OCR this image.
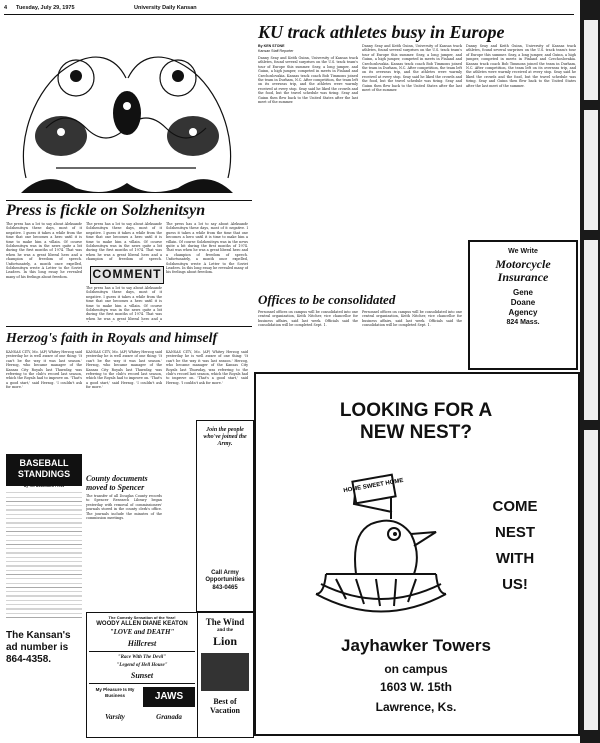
4 Tuesday, July 29, 1975	University Daily Kansan
KU track athletes busy in Europe
By KEN STONE
Kansan Staff Reporter
Danny Seay and Keith Guinn, University of Kansas track athletes, found several surprises on the U.S. track team's tour of Europe this summer. Seay, a long jumper, and Guinn, a high jumper, competed in meets in Finland and Czechoslovakia. Kansas track coach Bob Timmons joined the team in Durham, N.C. After competition, the team left on its overseas trip, and the athletes were warmly received at every stop. Seay said he liked the crowds and the food, but the travel schedule was tiring. Seay and Guinn then flew back to the United States after the last meet of the summer.
Danny Seay and Keith Guinn, University of Kansas track athletes, found several surprises on the U.S. track team's tour of Europe this summer. Seay, a long jumper, and Guinn, a high jumper, competed in meets in Finland and Czechoslovakia. Kansas track coach Bob Timmons joined the team in Durham, N.C. After competition, the team left on its overseas trip, and the athletes were warmly received at every stop. Seay said he liked the crowds and the food, but the travel schedule was tiring. Seay and Guinn then flew back to the United States after the last meet of the summer.
Danny Seay and Keith Guinn, University of Kansas track athletes, found several surprises on the U.S. track team's tour of Europe this summer. Seay, a long jumper, and Guinn, a high jumper, competed in meets in Finland and Czechoslovakia. Kansas track coach Bob Timmons joined the team in Durham, N.C. After competition, the team left on its overseas trip, and the athletes were warmly received at every stop. Seay said he liked the crowds and the food, but the travel schedule was tiring. Seay and Guinn then flew back to the United States after the last meet of the summer.
We Write
Motorcycle Insurance
Gene
Doane
Agency
824 Mass.
Offices to be consolidated
Personnel offices on campus will be consolidated into one central organization, Keith Nitcher, vice chancellor for business affairs, said last week. Officials said the consolidation will be completed Sept. 1.
Personnel offices on campus will be consolidated into one central organization, Keith Nitcher, vice chancellor for business affairs, said last week. Officials said the consolidation will be completed Sept. 1.
Press is fickle on Solzhenitsyn
The press has a lot to say about Aleksandr Solzhenitsyn these days, most of it negative. I guess it takes a while from the time that one becomes a hero until it is time to make him a villain. Of course Solzhenitsyn was in the news quite a bit during the first months of 1974. That was when he was a great liberal hero and a champion of freedom of speech. Unfortunately, a month once expelled, Solzhenitsyn wrote A Letter to the Soviet Leaders. In this long essay he revealed many of his feelings about freedom.
The press has a lot to say about Aleksandr Solzhenitsyn these days, most of it negative. I guess it takes a while from the time that one becomes a hero until it is time to make him a villain. Of course Solzhenitsyn was in the news quite a bit during the first months of 1974. That was when he was a great liberal hero and a champion of freedom of speech.
The press has a lot to say about Aleksandr Solzhenitsyn these days, most of it negative. I guess it takes a while from the time that one becomes a hero until it is time to make him a villain. Of course Solzhenitsyn was in the news quite a bit during the first months of 1974. That was when he was a great liberal hero and a champion of freedom of speech. Unfortunately, a month once expelled, Solzhenitsyn wrote A Letter to the Soviet Leaders. In this long essay he revealed many of his feelings about freedom.
COMMENT
The press has a lot to say about Aleksandr Solzhenitsyn these days, most of it negative. I guess it takes a while from the time that one becomes a hero until it is time to make him a villain. Of course Solzhenitsyn was in the news quite a bit during the first months of 1974. That was when he was a great liberal hero and a
Herzog's faith in Royals and himself
KANSAS CITY, Mo. (AP) Whitey Herzog said yesterday he is well aware of one thing: 'It can't be the way it was last season.' Herzog, who became manager of the Kansas City Royals last Thursday, was referring to the club's record last season, which the Royals had to improve on. 'That's a good start,' said Herzog. 'I couldn't ask for more.'
KANSAS CITY, Mo. (AP) Whitey Herzog said yesterday he is well aware of one thing: 'It can't be the way it was last season.' Herzog, who became manager of the Kansas City Royals last Thursday, was referring to the club's record last season, which the Royals had to improve on. 'That's a good start,' said Herzog. 'I couldn't ask for more.'
KANSAS CITY, Mo. (AP) Whitey Herzog said yesterday he is well aware of one thing: 'It can't be the way it was last season.' Herzog, who became manager of the Kansas City Royals last Thursday, was referring to the club's record last season, which the Royals had to improve on. 'That's a good start,' said Herzog. 'I couldn't ask for more.'
BASEBALL STANDINGS
By The Associated Press
The Kansan's ad number is 864-4358.
County documents moved to Spencer
The transfer of all Douglas County records to Spencer Research Library began yesterday with removal of commissioners' journals stored in the county clerk's office. The journals include the minutes of the commission meetings.
Join the people who've joined the Army.
Call Army Opportunities
843-0465
The Comedy Sensation of the Year!
WOODY ALLEN DIANE KEATON
"LOVE and DEATH"
Hillcrest
"Race With The Devil"
"Legend of Hell House"
Sunset
My Pleasure Is My Business	JAWS
Varsity	Granada
The Wind
and the
Lion
Best of Vacation
LOOKING FOR A
NEW NEST?
COME
NEST
WITH
US!
HOME SWEET HOME
Jayhawker Towers
on campus
1603 W. 15th
Lawrence, Ks.
